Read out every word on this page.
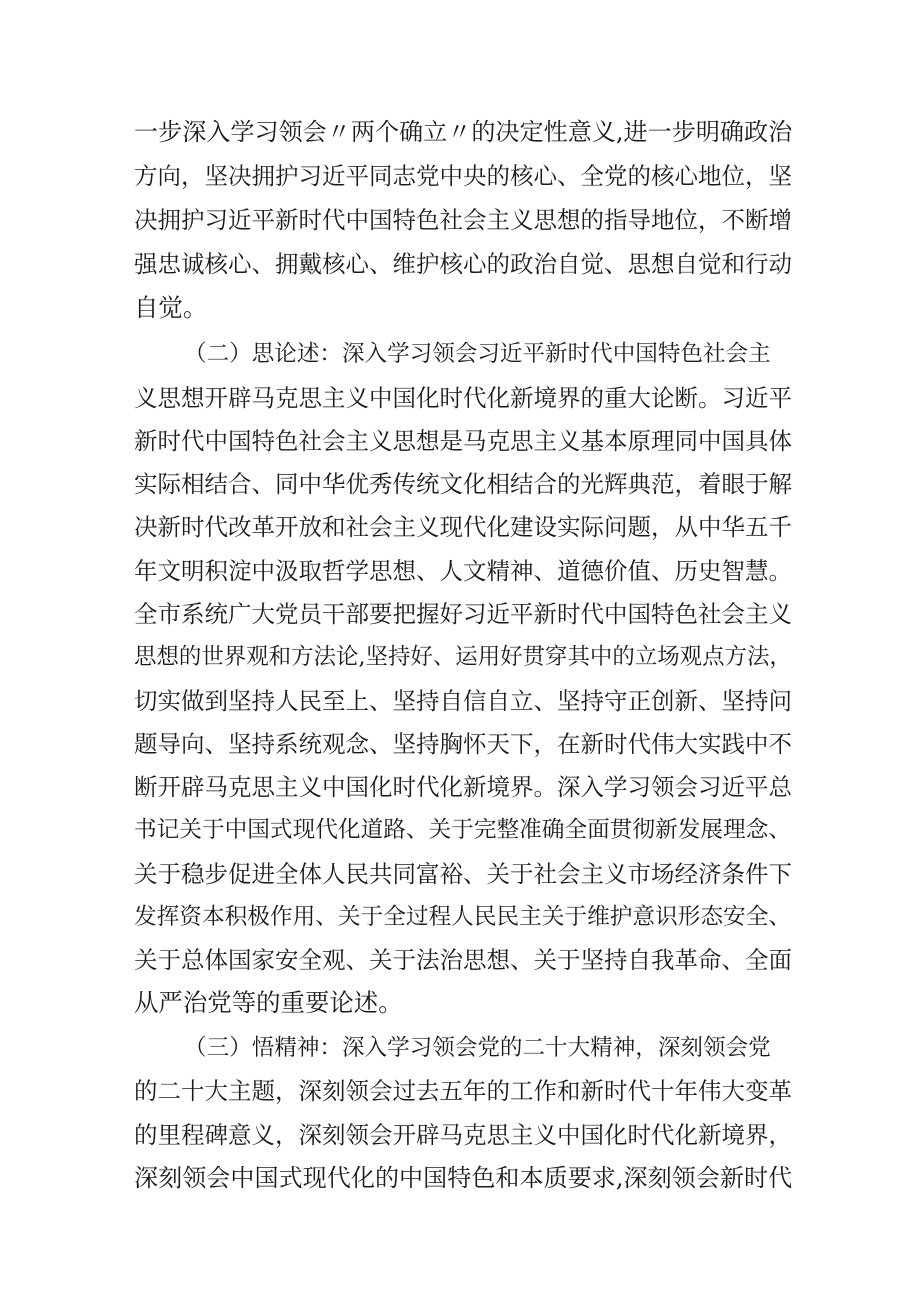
一步深入学习领会〃两个确立〃的决定性意义,进一步明确政治
方向，坚决拥护习近平同志党中央的核心、全党的核心地位，坚
决拥护习近平新时代中国特色社会主义思想的指导地位，不断增
强忠诚核心、拥戴核心、维护核心的政治自觉、思想自觉和行动
自觉。
（二）思论述：深入学习领会习近平新时代中国特色社会主
义思想开辟马克思主义中国化时代化新境界的重大论断。习近平
新时代中国特色社会主义思想是马克思主义基本原理同中国具体
实际相结合、同中华优秀传统文化相结合的光辉典范，着眼于解
决新时代改革开放和社会主义现代化建设实际问题，从中华五千
年文明积淀中汲取哲学思想、人文精神、道德价值、历史智慧。
全市系统广大党员干部要把握好习近平新时代中国特色社会主义
思想的世界观和方法论,坚持好、运用好贯穿其中的立场观点方法，
切实做到坚持人民至上、坚持自信自立、坚持守正创新、坚持问
题导向、坚持系统观念、坚持胸怀天下，在新时代伟大实践中不
断开辟马克思主义中国化时代化新境界。深入学习领会习近平总
书记关于中国式现代化道路、关于完整准确全面贯彻新发展理念、
关于稳步促进全体人民共同富裕、关于社会主义市场经济条件下
发挥资本积极作用、关于全过程人民民主关于维护意识形态安全、
关于总体国家安全观、关于法治思想、关于坚持自我革命、全面
从严治党等的重要论述。
（三）悟精神：深入学习领会党的二十大精神，深刻领会党
的二十大主题，深刻领会过去五年的工作和新时代十年伟大变革
的里程碑意义，深刻领会开辟马克思主义中国化时代化新境界，
深刻领会中国式现代化的中国特色和本质要求,深刻领会新时代
